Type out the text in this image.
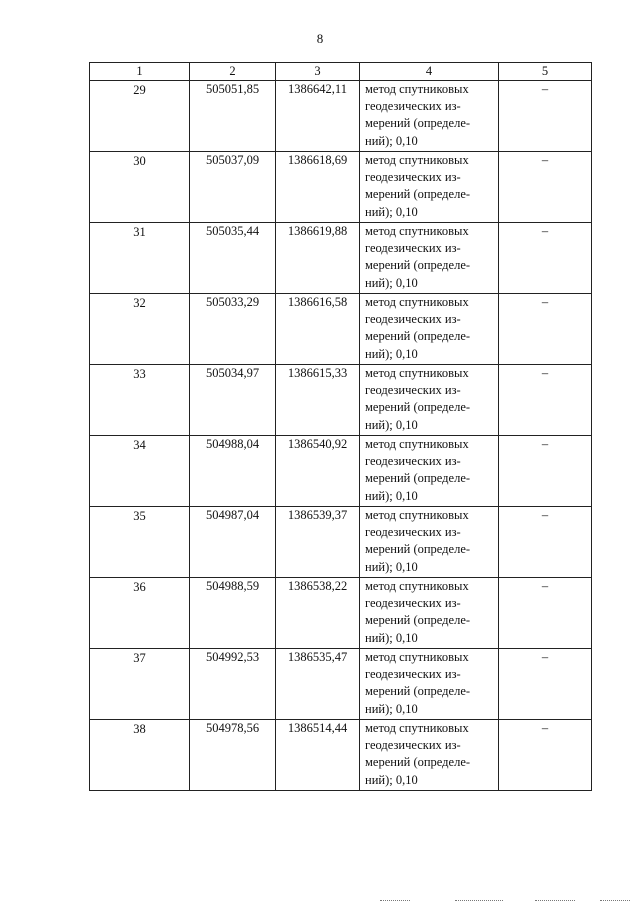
8
1	2	3	4	5
29	505051,85	1386642,11	метод спутниковых
геодезических из-
мерений (определе-
ний); 0,10	–
30	505037,09	1386618,69	метод спутниковых
геодезических из-
мерений (определе-
ний); 0,10	–
31	505035,44	1386619,88	метод спутниковых
геодезических из-
мерений (определе-
ний); 0,10	–
32	505033,29	1386616,58	метод спутниковых
геодезических из-
мерений (определе-
ний); 0,10	–
33	505034,97	1386615,33	метод спутниковых
геодезических из-
мерений (определе-
ний); 0,10	–
34	504988,04	1386540,92	метод спутниковых
геодезических из-
мерений (определе-
ний); 0,10	–
35	504987,04	1386539,37	метод спутниковых
геодезических из-
мерений (определе-
ний); 0,10	–
36	504988,59	1386538,22	метод спутниковых
геодезических из-
мерений (определе-
ний); 0,10	–
37	504992,53	1386535,47	метод спутниковых
геодезических из-
мерений (определе-
ний); 0,10	–
38	504978,56	1386514,44	метод спутниковых
геодезических из-
мерений (определе-
ний); 0,10	–
